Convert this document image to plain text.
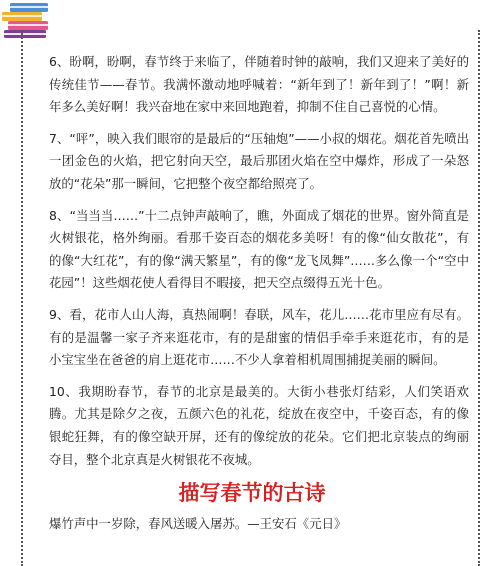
6、盼啊，盼啊，春节终于来临了，伴随着时钟的敲响，我们又迎来了美好的传统佳节——春节。我满怀激动地呼喊着：“新年到了！新年到了！”啊！新年多么美好啊！我兴奋地在家中来回地跑着，抑制不住自己喜悦的心情。

7、“呯”，映入我们眼帘的是最后的“压轴炮”——小叔的烟花。烟花首先喷出一团金色的火焰，把它射向天空，最后那团火焰在空中爆炸，形成了一朵怒放的“花朵”那一瞬间，它把整个夜空都给照亮了。

8、“当当当……”十二点钟声敲响了，瞧，外面成了烟花的世界。窗外简直是火树银花，格外绚丽。看那千姿百态的烟花多美呀！有的像“仙女散花”，有的像“大红花”，有的像“满天繁星”，有的像“龙飞凤舞”……多么像一个“空中花园”！这些烟花使人看得目不暇接，把天空点缀得五光十色。

9、看，花市人山人海，真热闹啊！春联，风车，花儿……花市里应有尽有。有的是温馨一家子齐来逛花市，有的是甜蜜的情侣手牵手来逛花市，有的是小宝宝坐在爸爸的肩上逛花市……不少人拿着相机周围捕捉美丽的瞬间。

10、我期盼春节，春节的北京是最美的。大街小巷张灯结彩，人们笑语欢腾。尤其是除夕之夜，五颜六色的礼花，绽放在夜空中，千姿百态，有的像银蛇狂舞，有的像空缺开屏，还有的像绽放的花朵。它们把北京装点的绚丽夺目，整个北京真是火树银花不夜城。

描写春节的古诗

爆竹声中一岁除，春风送暖入屠苏。—王安石《元日》
